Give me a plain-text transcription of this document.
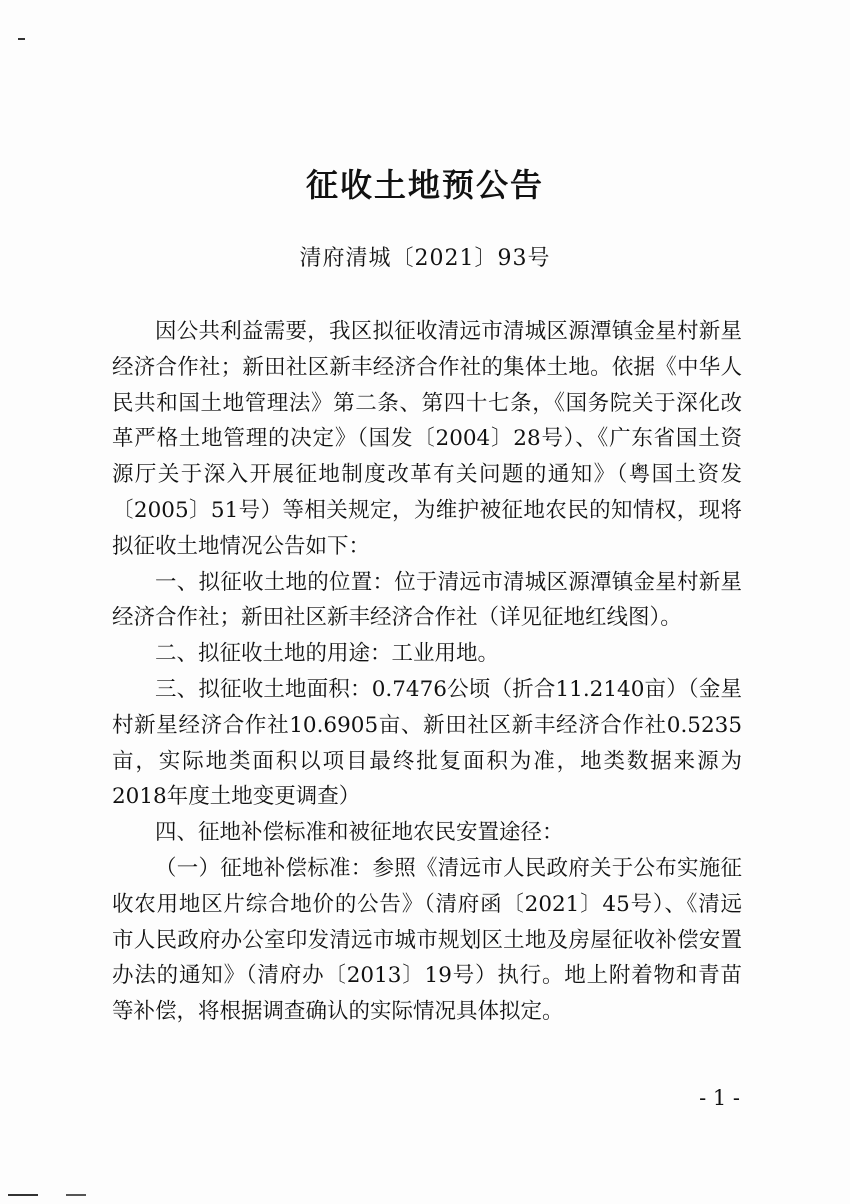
征收土地预公告
清府清城〔2021〕93号

因公共利益需要，我区拟征收清远市清城区源潭镇金星村新星经济合作社；新田社区新丰经济合作社的集体土地。依据《中华人民共和国土地管理法》第二条、第四十七条，《国务院关于深化改革严格土地管理的决定》（国发〔2004〕28号）、《广东省国土资源厅关于深入开展征地制度改革有关问题的通知》（粤国土资发〔2005〕51号）等相关规定，为维护被征地农民的知情权，现将拟征收土地情况公告如下：

一、拟征收土地的位置：位于清远市清城区源潭镇金星村新星经济合作社；新田社区新丰经济合作社（详见征地红线图）。

二、拟征收土地的用途：工业用地。

三、拟征收土地面积：0.7476公顷（折合11.2140亩）（金星村新星经济合作社10.6905亩、新田社区新丰经济合作社0.5235亩，实际地类面积以项目最终批复面积为准，地类数据来源为2018年度土地变更调查）

四、征地补偿标准和被征地农民安置途径：

（一）征地补偿标准：参照《清远市人民政府关于公布实施征收农用地区片综合地价的公告》（清府函〔2021〕45号）、《清远市人民政府办公室印发清远市城市规划区土地及房屋征收补偿安置办法的通知》（清府办〔2013〕19号）执行。地上附着物和青苗等补偿，将根据调查确认的实际情况具体拟定。

- 1 -
